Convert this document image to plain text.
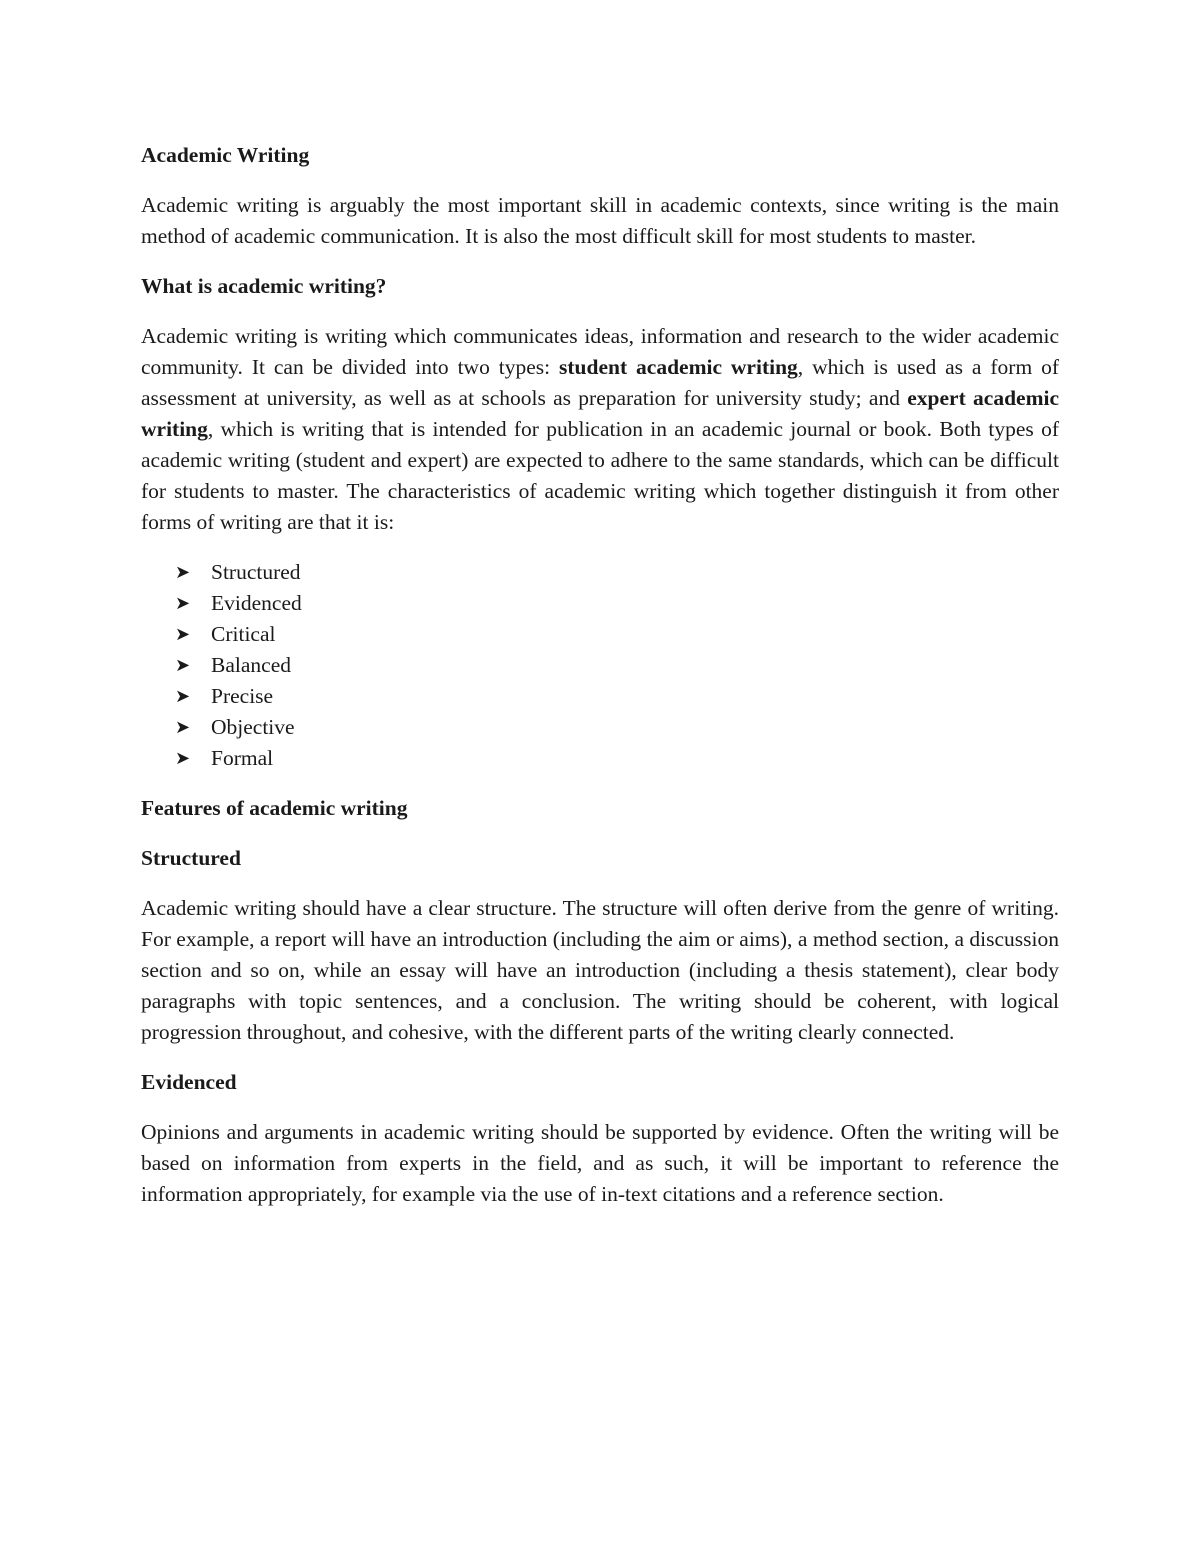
Academic Writing

Academic writing is arguably the most important skill in academic contexts, since writing is the main method of academic communication. It is also the most difficult skill for most students to master.

What is academic writing?

Academic writing is writing which communicates ideas, information and research to the wider academic community. It can be divided into two types: student academic writing, which is used as a form of assessment at university, as well as at schools as preparation for university study; and expert academic writing, which is writing that is intended for publication in an academic journal or book. Both types of academic writing (student and expert) are expected to adhere to the same standards, which can be difficult for students to master. The characteristics of academic writing which together distinguish it from other forms of writing are that it is:

➤ Structured
➤ Evidenced
➤ Critical
➤ Balanced
➤ Precise
➤ Objective
➤ Formal
Features of academic writing
Structured

Academic writing should have a clear structure. The structure will often derive from the genre of writing. For example, a report will have an introduction (including the aim or aims), a method section, a discussion section and so on, while an essay will have an introduction (including a thesis statement), clear body paragraphs with topic sentences, and a conclusion. The writing should be coherent, with logical progression throughout, and cohesive, with the different parts of the writing clearly connected.

Evidenced

Opinions and arguments in academic writing should be supported by evidence. Often the writing will be based on information from experts in the field, and as such, it will be important to reference the information appropriately, for example via the use of in-text citations and a reference section.
